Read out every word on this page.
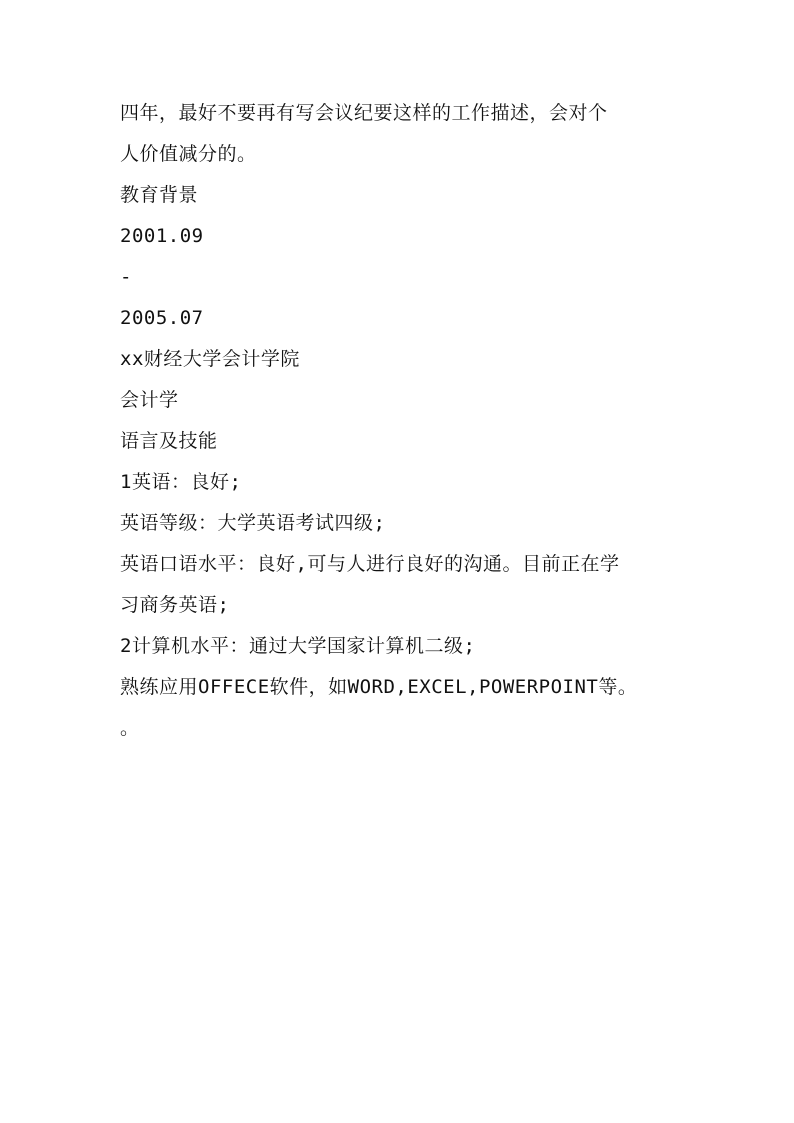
四年，最好不要再有写会议纪要这样的工作描述，会对个
人价值减分的。
教育背景
2001.09
-
2005.07
xx财经大学会计学院
会计学
语言及技能
1英语：良好;
英语等级：大学英语考试四级;
英语口语水平：良好,可与人进行良好的沟通。目前正在学
习商务英语;
2计算机水平：通过大学国家计算机二级;
熟练应用OFFECE软件，如WORD,EXCEL,POWERPOINT等。
。
